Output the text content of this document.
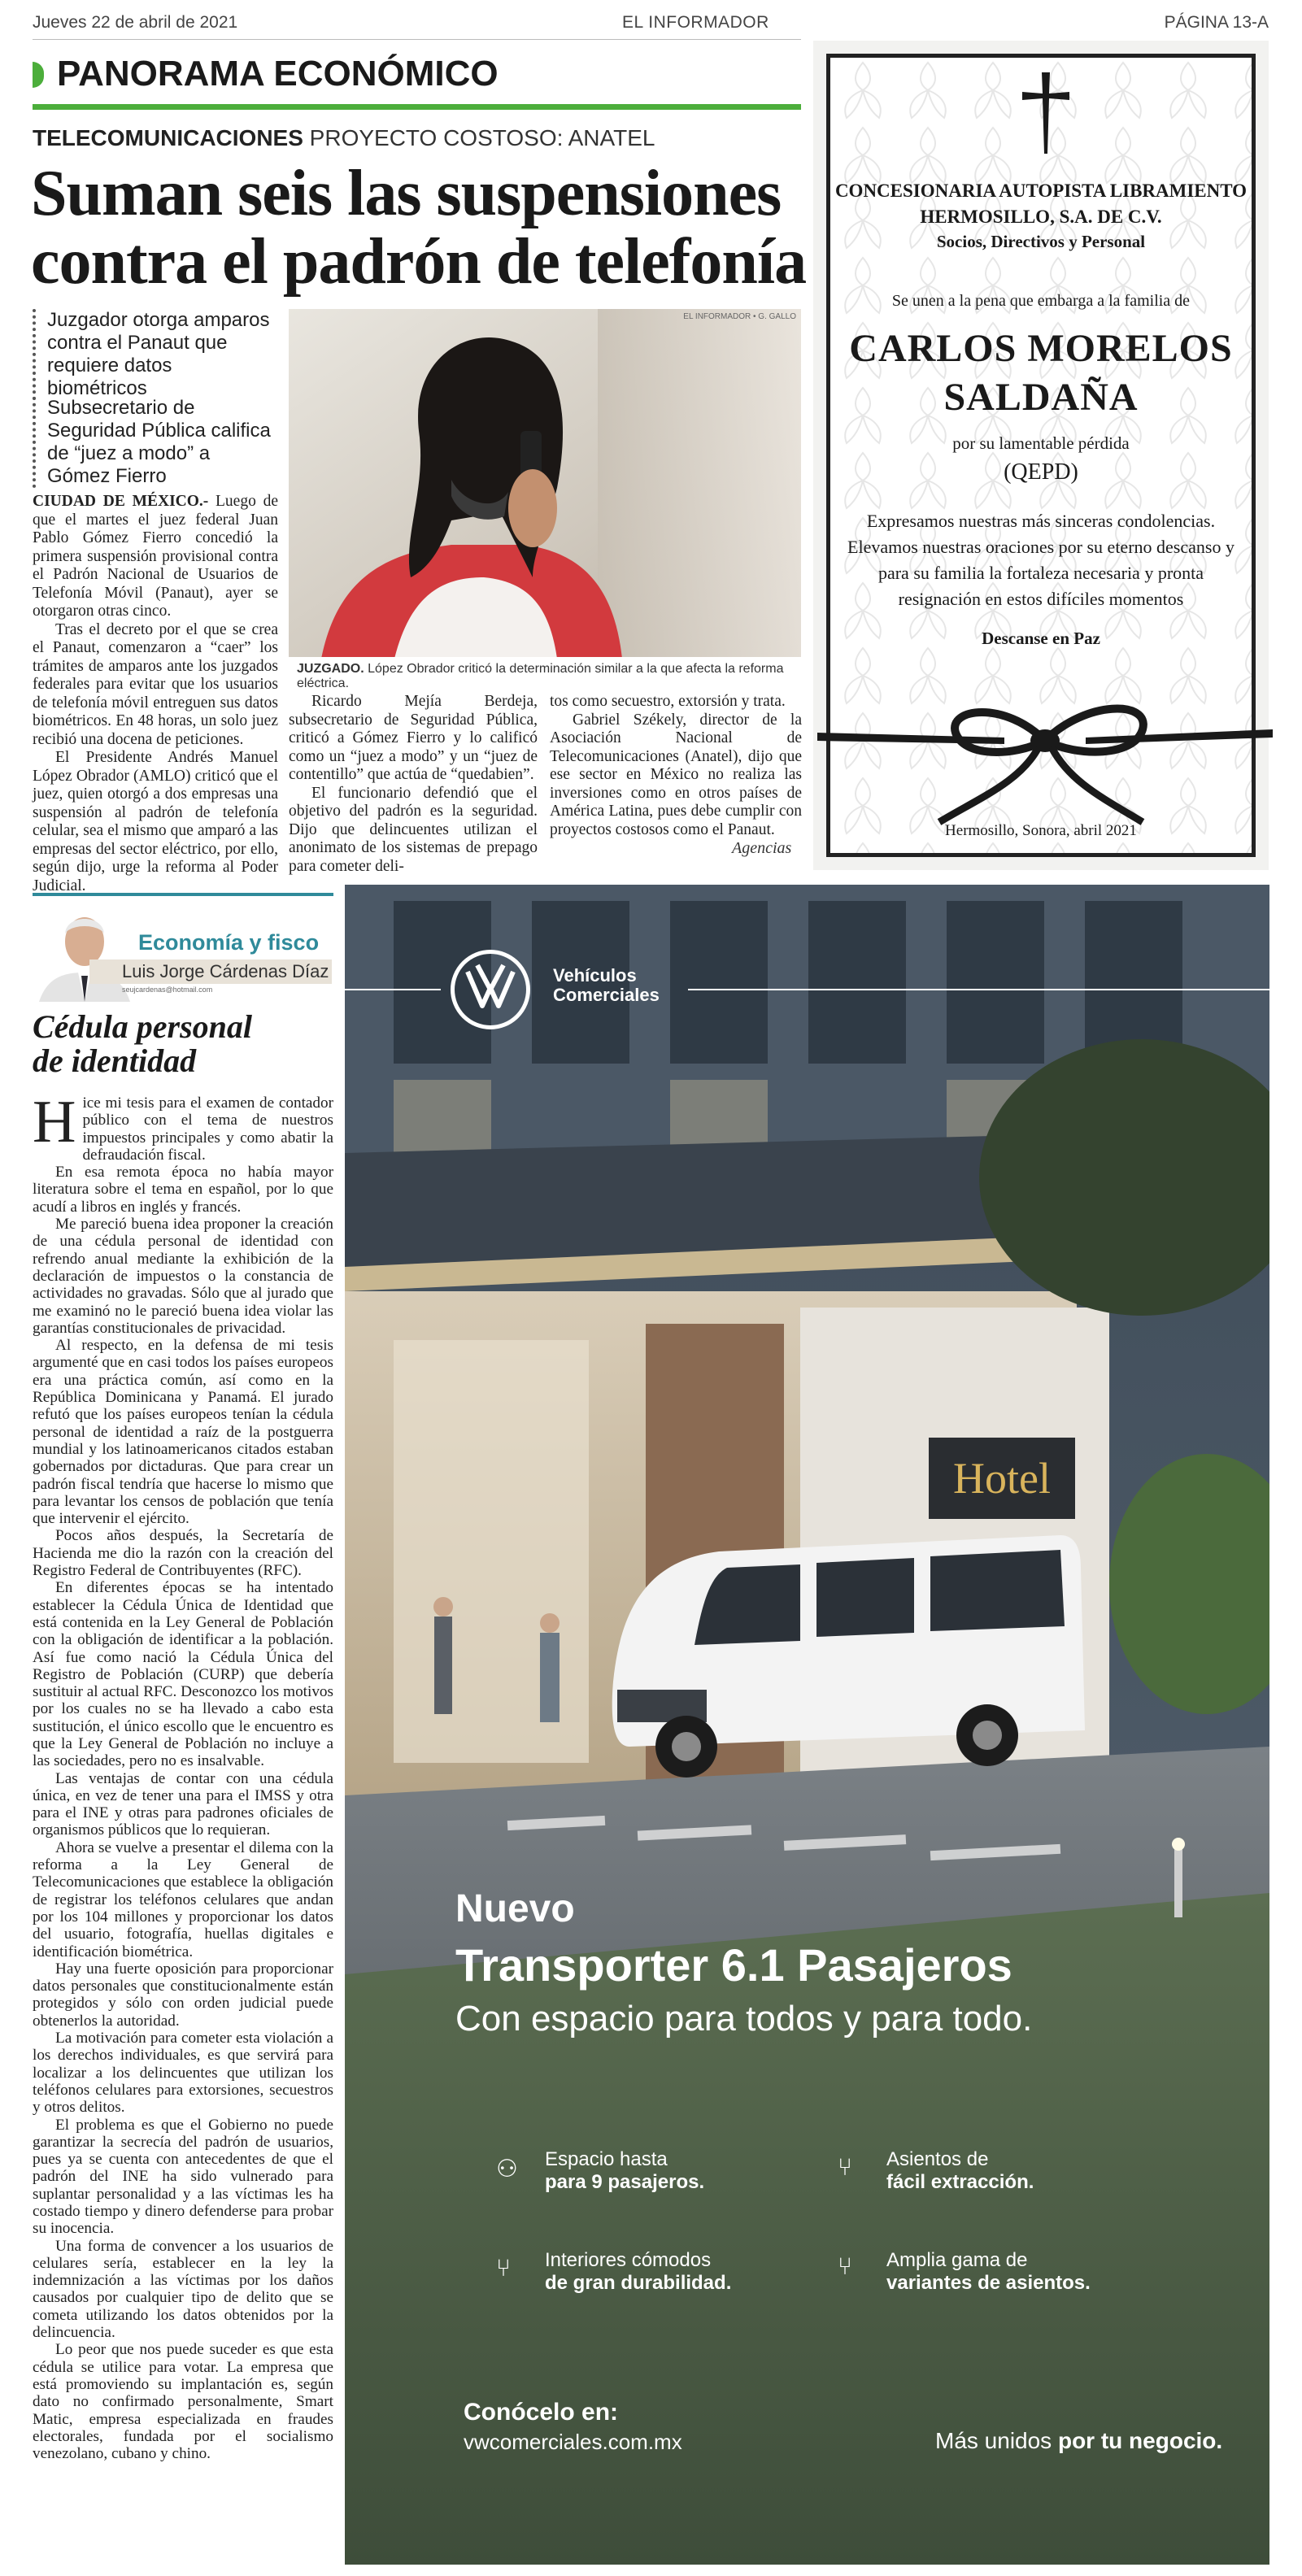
Jueves 22 de abril de 2021	EL INFORMADOR	PÁGINA 13-A
PANORAMA ECONÓMICO
TELECOMUNICACIONES PROYECTO COSTOSO: ANATEL
Suman seis las suspensiones
contra el padrón de telefonía
Juzgador otorga amparos contra el Panaut que requiere datos biométricos
Subsecretario de Seguridad Pública califica de “juez a modo” a Gómez Fierro
EL INFORMADOR • G. GALLO
JUZGADO. López Obrador criticó la determinación similar a la que afecta la reforma eléctrica.

CIUDAD DE MÉXICO.- Luego de que el martes el juez federal Juan Pablo Gómez Fierro concedió la primera suspensión provisional contra el Padrón Nacional de Usuarios de Telefonía Móvil (Panaut), ayer se otorgaron otras cinco.

Tras el decreto por el que se crea el Panaut, comenzaron a “caer” los trámites de amparos ante los juzgados federales para evitar que los usuarios de telefonía móvil entreguen sus datos biométricos. En 48 horas, un solo juez recibió una docena de peticiones.

El Presidente Andrés Manuel López Obrador (AMLO) criticó que el juez, quien otorgó a dos empresas una suspensión al padrón de telefonía celular, sea el mismo que amparó a las empresas del sector eléctrico, por ello, según dijo, urge la reforma al Poder Judicial.

Ricardo Mejía Berdeja, subsecretario de Seguridad Pública, criticó a Gómez Fierro y lo calificó como un “juez a modo” y un “juez de contentillo” que actúa de “quedabien”.

El funcionario defendió que el objetivo del padrón es la seguridad. Dijo que delincuentes utilizan el anonimato de los sistemas de prepago para cometer deli-

tos como secuestro, extorsión y trata.

Gabriel Székely, director de la Asociación Nacional de Telecomunicaciones (Anatel), dijo que ese sector en México no realiza las inversiones como en otros países de América Latina, pues debe cumplir con proyectos costosos como el Panaut.

Agencias
CONCESIONARIA AUTOPISTA LIBRAMIENTO
HERMOSILLO, S.A. DE C.V.
Socios, Directivos y Personal
Se unen a la pena que embarga a la familia de
CARLOS MORELOS
SALDAÑA
por su lamentable pérdida
(QEPD)
Expresamos nuestras más sinceras condolencias. Elevamos nuestras oraciones por su eterno descanso y para su familia la fortaleza necesaria y pronta resignación en estos difíciles momentos
Descanse en Paz
Hermosillo, Sonora, abril 2021
Economía y fisco
Luis Jorge Cárdenas Díaz
seujcardenas@hotmail.com
Cédula personal
de identidad

Hice mi tesis para el examen de contador público con el tema de nuestros impuestos principales y como abatir la defraudación fiscal.

En esa remota época no había mayor literatura sobre el tema en español, por lo que acudí a libros en inglés y francés.

Me pareció buena idea proponer la creación de una cédula personal de identidad con refrendo anual mediante la exhibición de la declaración de impuestos o la constancia de actividades no gravadas. Sólo que al jurado que me examinó no le pareció buena idea violar las garantías constitucionales de privacidad.

Al respecto, en la defensa de mi tesis argumenté que en casi todos los países europeos era una práctica común, así como en la República Dominicana y Panamá. El jurado refutó que los países europeos tenían la cédula personal de identidad a raíz de la postguerra mundial y los latinoamericanos citados estaban gobernados por dictaduras. Que para crear un padrón fiscal tendría que hacerse lo mismo que para levantar los censos de población que tenía que intervenir el ejército.

Pocos años después, la Secretaría de Hacienda me dio la razón con la creación del Registro Federal de Contribuyentes (RFC).

En diferentes épocas se ha intentado establecer la Cédula Única de Identidad que está contenida en la Ley General de Población con la obligación de identificar a la población. Así fue como nació la Cédula Única del Registro de Población (CURP) que debería sustituir al actual RFC. Desconozco los motivos por los cuales no se ha llevado a cabo esta sustitución, el único escollo que le encuentro es que la Ley General de Población no incluye a las sociedades, pero no es insalvable.

Las ventajas de contar con una cédula única, en vez de tener una para el IMSS y otra para el INE y otras para padrones oficiales de organismos públicos que lo requieran.

Ahora se vuelve a presentar el dilema con la reforma a la Ley General de Telecomunicaciones que establece la obligación de registrar los teléfonos celulares que andan por los 104 millones y proporcionar los datos del usuario, fotografía, huellas digitales e identificación biométrica.

Hay una fuerte oposición para proporcionar datos personales que constitucionalmente están protegidos y sólo con orden judicial puede obtenerlos la autoridad.

La motivación para cometer esta violación a los derechos individuales, es que servirá para localizar a los delincuentes que utilizan los teléfonos celulares para extorsiones, secuestros y otros delitos.

El problema es que el Gobierno no puede garantizar la secrecía del padrón de usuarios, pues ya se cuenta con antecedentes de que el padrón del INE ha sido vulnerado para suplantar personalidad y a las víctimas les ha costado tiempo y dinero defenderse para probar su inocencia.

Una forma de convencer a los usuarios de celulares sería, establecer en la ley la indemnización a las víctimas por los daños causados por cualquier tipo de delito que se cometa utilizando los datos obtenidos por la delincuencia.

Lo peor que nos puede suceder es que esta cédula se utilice para votar. La empresa que está promoviendo su implantación es, según dato no confirmado personalmente, Smart Matic, empresa especializada en fraudes electorales, fundada por el socialismo venezolano, cubano y chino.

Hotel
Vehículos
Comerciales
Nuevo
Transporter 6.1 Pasajeros
Con espacio para todos y para todo.
⚇	Espacio hasta
para 9 pasajeros.
⑂	Asientos de
fácil extracción.
⑂	Interiores cómodos
de gran durabilidad.
⑂	Amplia gama de
variantes de asientos.
Conócelo en:
vwcomerciales.com.mx	Más unidos por tu negocio.
